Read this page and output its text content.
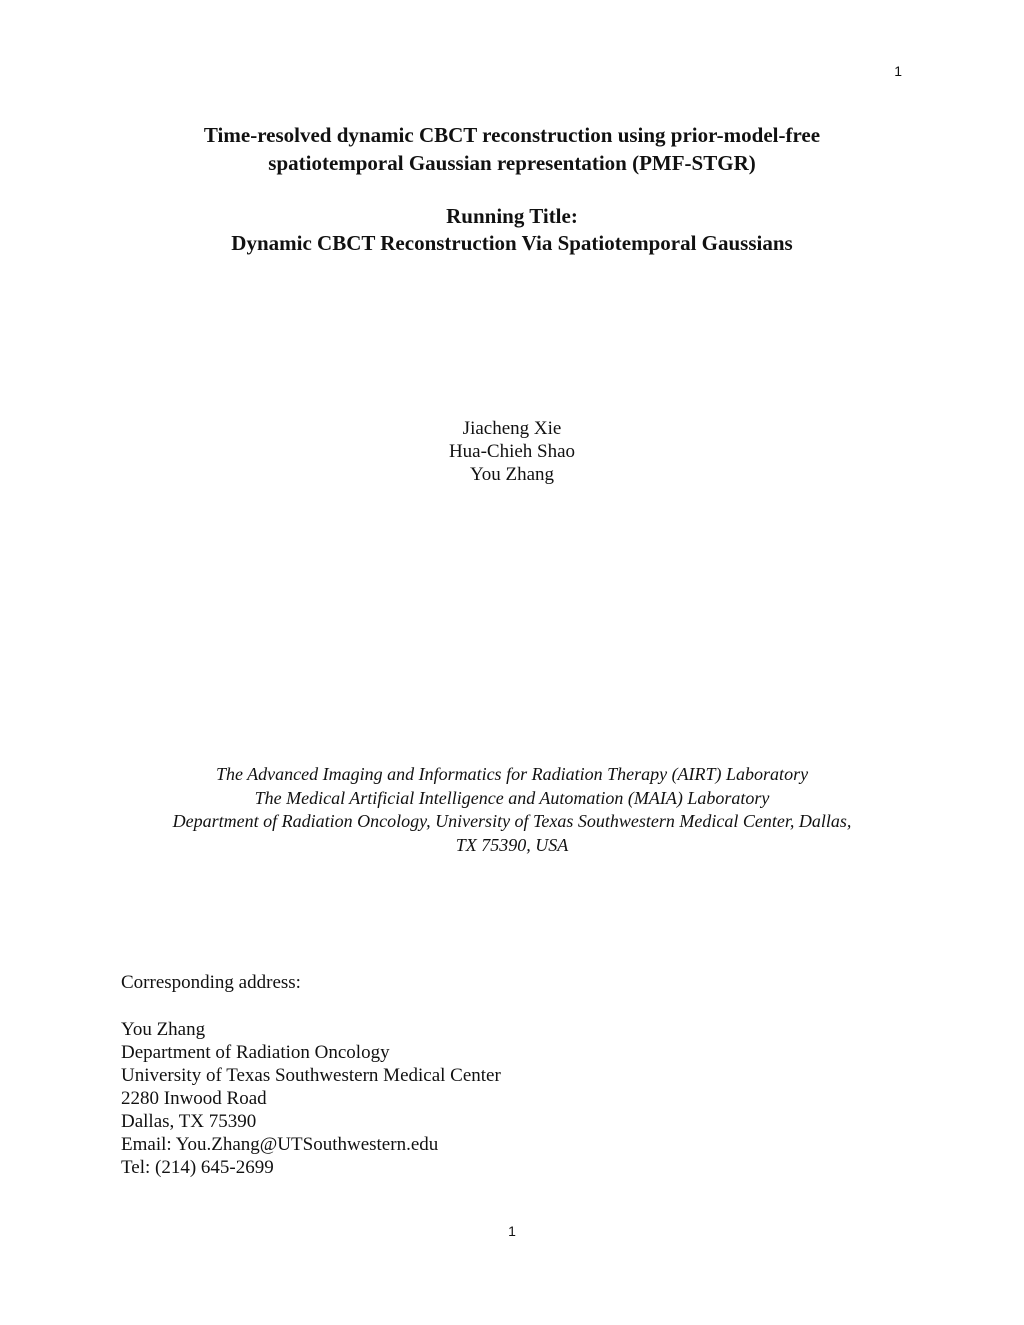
1
Time-resolved dynamic CBCT reconstruction using prior-model-free
spatiotemporal Gaussian representation (PMF-STGR)
Running Title:
Dynamic CBCT Reconstruction Via Spatiotemporal Gaussians
Jiacheng Xie
Hua-Chieh Shao
You Zhang
The Advanced Imaging and Informatics for Radiation Therapy (AIRT) Laboratory
The Medical Artificial Intelligence and Automation (MAIA) Laboratory
Department of Radiation Oncology, University of Texas Southwestern Medical Center, Dallas,
TX 75390, USA
Corresponding address:
You Zhang
Department of Radiation Oncology
University of Texas Southwestern Medical Center
2280 Inwood Road
Dallas, TX 75390
Email: You.Zhang@UTSouthwestern.edu
Tel: (214) 645-2699
1
